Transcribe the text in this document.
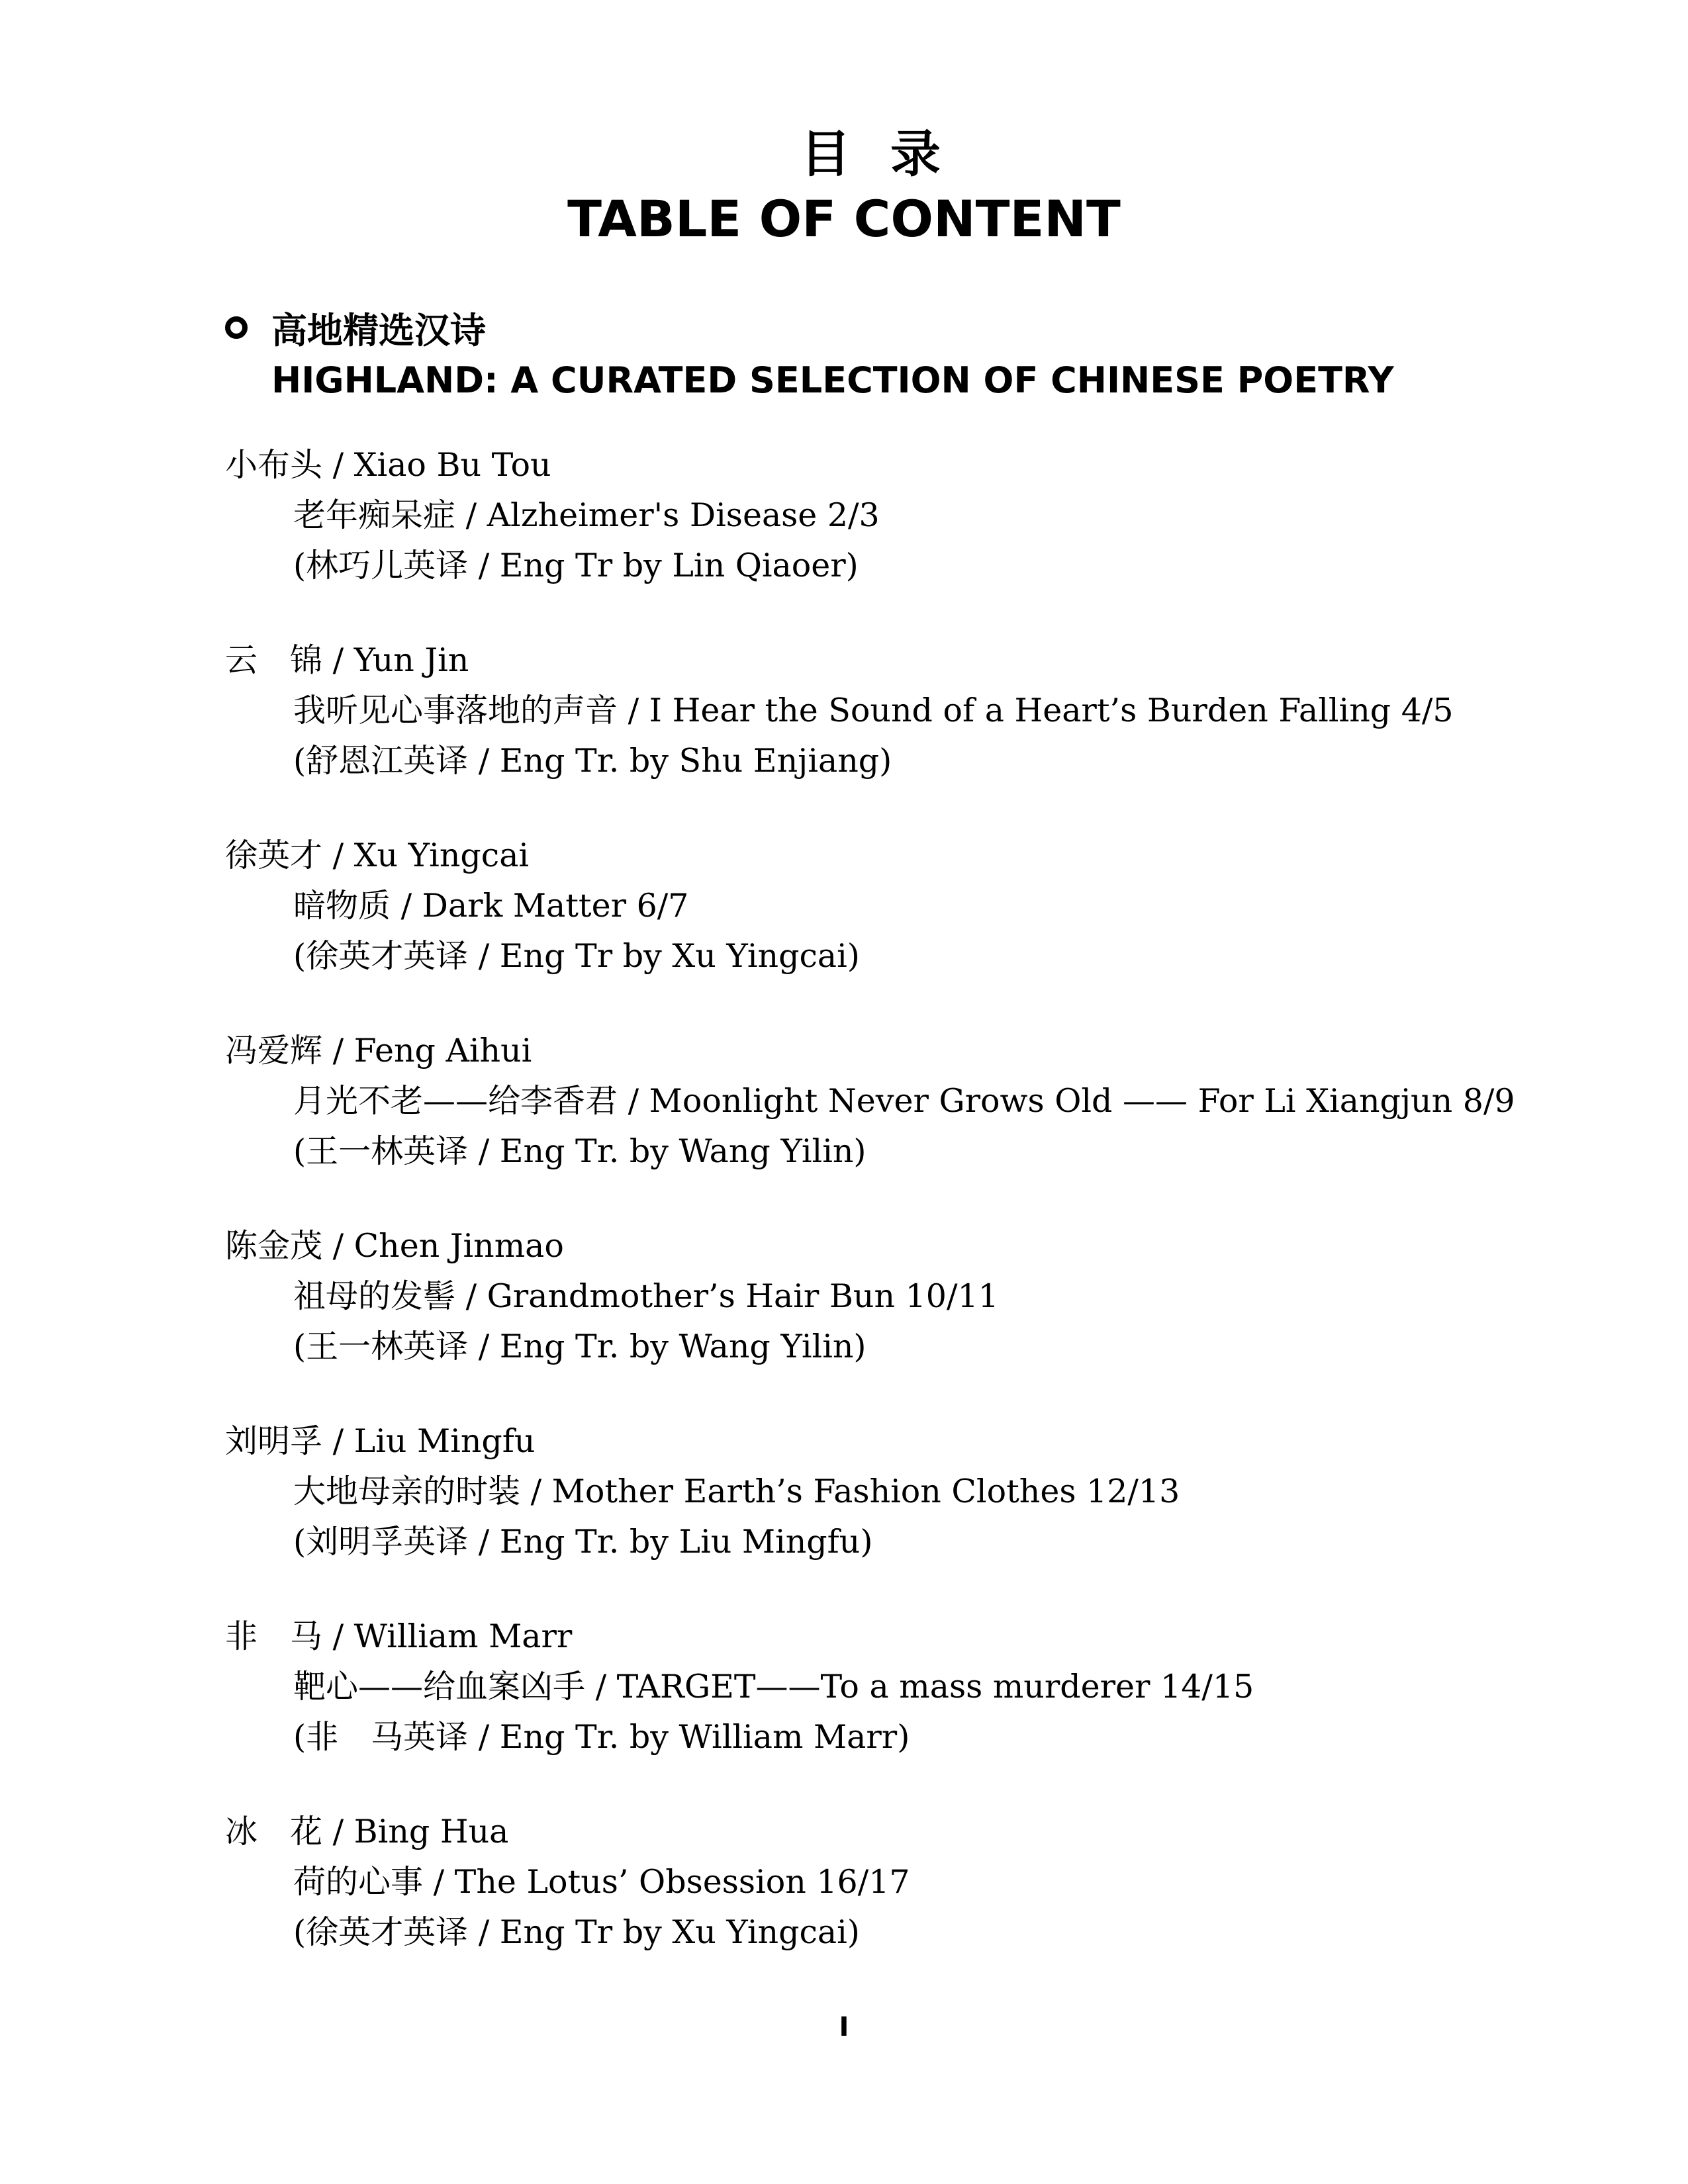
目录
TABLE OF CONTENT
高地精选汉诗
HIGHLAND: A CURATED SELECTION OF CHINESE POETRY
小布头 / Xiao Bu Tou
老年痴呆症 / Alzheimer's Disease 2/3
(林巧儿英译 / Eng Tr by Lin Qiaoer)
云　锦 / Yun Jin
我听见心事落地的声音 / I Hear the Sound of a Heart’s Burden Falling 4/5
(舒恩江英译 / Eng Tr. by Shu Enjiang)
徐英才 / Xu Yingcai
暗物质 / Dark Matter 6/7
(徐英才英译 / Eng Tr by Xu Yingcai)
冯爱辉 / Feng Aihui
月光不老——给李香君 / Moonlight Never Grows Old —— For Li Xiangjun 8/9
(王一林英译 / Eng Tr. by Wang Yilin)
陈金茂 / Chen Jinmao
祖母的发髻 / Grandmother’s Hair Bun 10/11
(王一林英译 / Eng Tr. by Wang Yilin)
刘明孚 / Liu Mingfu
大地母亲的时装 / Mother Earth’s Fashion Clothes 12/13
(刘明孚英译 / Eng Tr. by Liu Mingfu)
非　马 / William Marr
靶心——给血案凶手 / TARGET——To a mass murderer 14/15
(非　马英译 / Eng Tr. by William Marr)
冰　花 / Bing Hua
荷的心事 / The Lotus’ Obsession 16/17
(徐英才英译 / Eng Tr by Xu Yingcai)
I
